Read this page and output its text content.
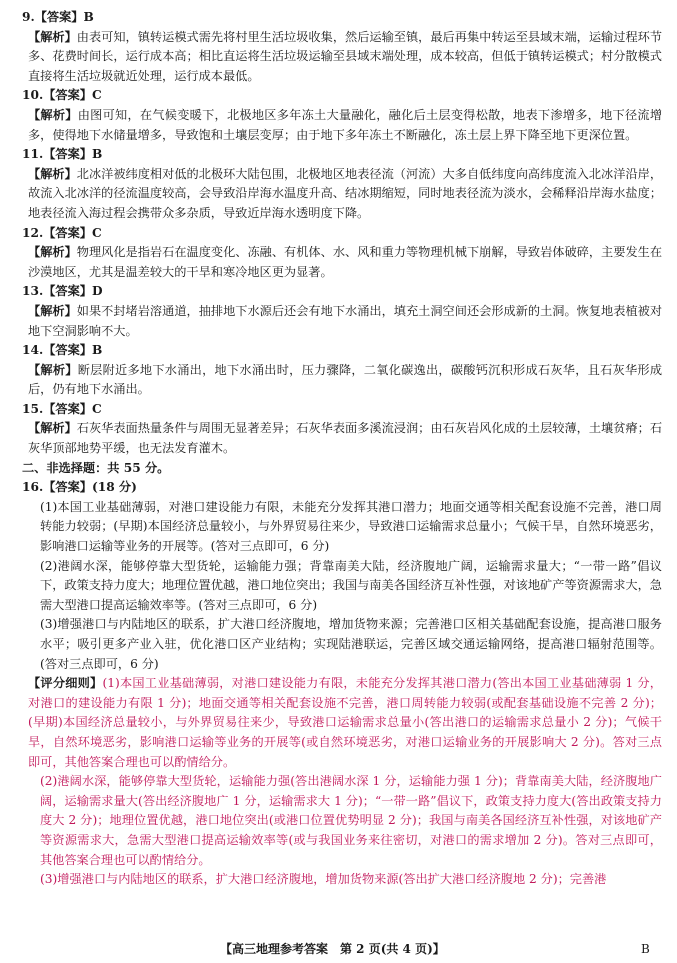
9.【答案】B
【解析】由表可知，镇转运模式需先将村里生活垃圾收集，然后运输至镇，最后再集中转运至县域末端，运输过程环节多、花费时间长，运行成本高；相比直运将生活垃圾运输至县域末端处理，成本较高，但低于镇转运模式；村分散模式直接将生活垃圾就近处理，运行成本最低。
10.【答案】C
【解析】由图可知，在气候变暖下，北极地区多年冻土大量融化，融化后土层变得松散，地表下渗增多，地下径流增多，使得地下水储量增多，导致饱和土壤层变厚；由于地下多年冻土不断融化，冻土层上界下降至地下更深位置。
11.【答案】B
【解析】北冰洋被纬度相对低的北极环大陆包围，北极地区地表径流（河流）大多自低纬度向高纬度流入北冰洋沿岸，故流入北冰洋的径流温度较高，会导致沿岸海水温度升高、结冰期缩短，同时地表径流为淡水，会稀释沿岸海水盐度；地表径流入海过程会携带众多杂质，导致近岸海水透明度下降。
12.【答案】C
【解析】物理风化是指岩石在温度变化、冻融、有机体、水、风和重力等物理机械下崩解，导致岩体破碎，主要发生在沙漠地区，尤其是温差较大的干旱和寒冷地区更为显著。
13.【答案】D
【解析】如果不封堵岩溶通道，抽排地下水源后还会有地下水涌出，填充土洞空间还会形成新的土洞。恢复地表植被对地下空洞影响不大。
14.【答案】B
【解析】断层附近多地下水涌出，地下水涌出时，压力骤降，二氧化碳逸出，碳酸钙沉积形成石灰华，且石灰华形成后，仍有地下水涌出。
15.【答案】C
【解析】石灰华表面热量条件与周围无显著差异；石灰华表面多溪流浸润；由石灰岩风化成的土层较薄，土壤贫瘠；石灰华顶部地势平缓，也无法发育灌木。
二、非选择题：共 55 分。
16.【答案】(18 分)
(1)本国工业基础薄弱，对港口建设能力有限，未能充分发挥其港口潜力；地面交通等相关配套设施不完善，港口周转能力较弱；(早期)本国经济总量较小，与外界贸易往来少，导致港口运输需求总量小；气候干旱，自然环境恶劣，影响港口运输等业务的开展等。(答对三点即可，6 分)
(2)港阔水深，能够停靠大型货轮，运输能力强；背靠南美大陆，经济腹地广阔，运输需求量大；“一带一路”倡议下，政策支持力度大；地理位置优越，港口地位突出；我国与南美各国经济互补性强，对该地矿产等资源需求大，急需大型港口提高运输效率等。(答对三点即可，6 分)
(3)增强港口与内陆地区的联系，扩大港口经济腹地，增加货物来源；完善港口区相关基础配套设施，提高港口服务水平；吸引更多产业入驻，优化港口区产业结构；实现陆港联运，完善区域交通运输网络，提高港口辐射范围等。(答对三点即可，6 分)
【评分细则】(1)本国工业基础薄弱，对港口建设能力有限，未能充分发挥其港口潜力(答出本国工业基础薄弱 1 分，对港口的建设能力有限 1 分)；地面交通等相关配套设施不完善，港口周转能力较弱(或配套基础设施不完善 2 分)；(早期)本国经济总量较小，与外界贸易往来少，导致港口运输需求总量小(答出港口的运输需求总量小 2 分)；气候干旱，自然环境恶劣，影响港口运输等业务的开展等(或自然环境恶劣，对港口运输业务的开展影响大 2 分)。答对三点即可，其他答案合理也可以酌情给分。
(2)港阔水深，能够停靠大型货轮，运输能力强(答出港阔水深 1 分，运输能力强 1 分)；背靠南美大陆，经济腹地广阔，运输需求量大(答出经济腹地广 1 分，运输需求大 1 分)；“一带一路”倡议下，政策支持力度大(答出政策支持力度大 2 分)；地理位置优越，港口地位突出(或港口位置优势明显 2 分)；我国与南美各国经济互补性强，对该地矿产等资源需求大，急需大型港口提高运输效率等(或与我国业务来往密切，对港口的需求增加 2 分)。答对三点即可，其他答案合理也可以酌情给分。
(3)增强港口与内陆地区的联系，扩大港口经济腹地，增加货物来源(答出扩大港口经济腹地 2 分)；完善港
【高三地理参考答案　第 2 页(共 4 页)】	B
